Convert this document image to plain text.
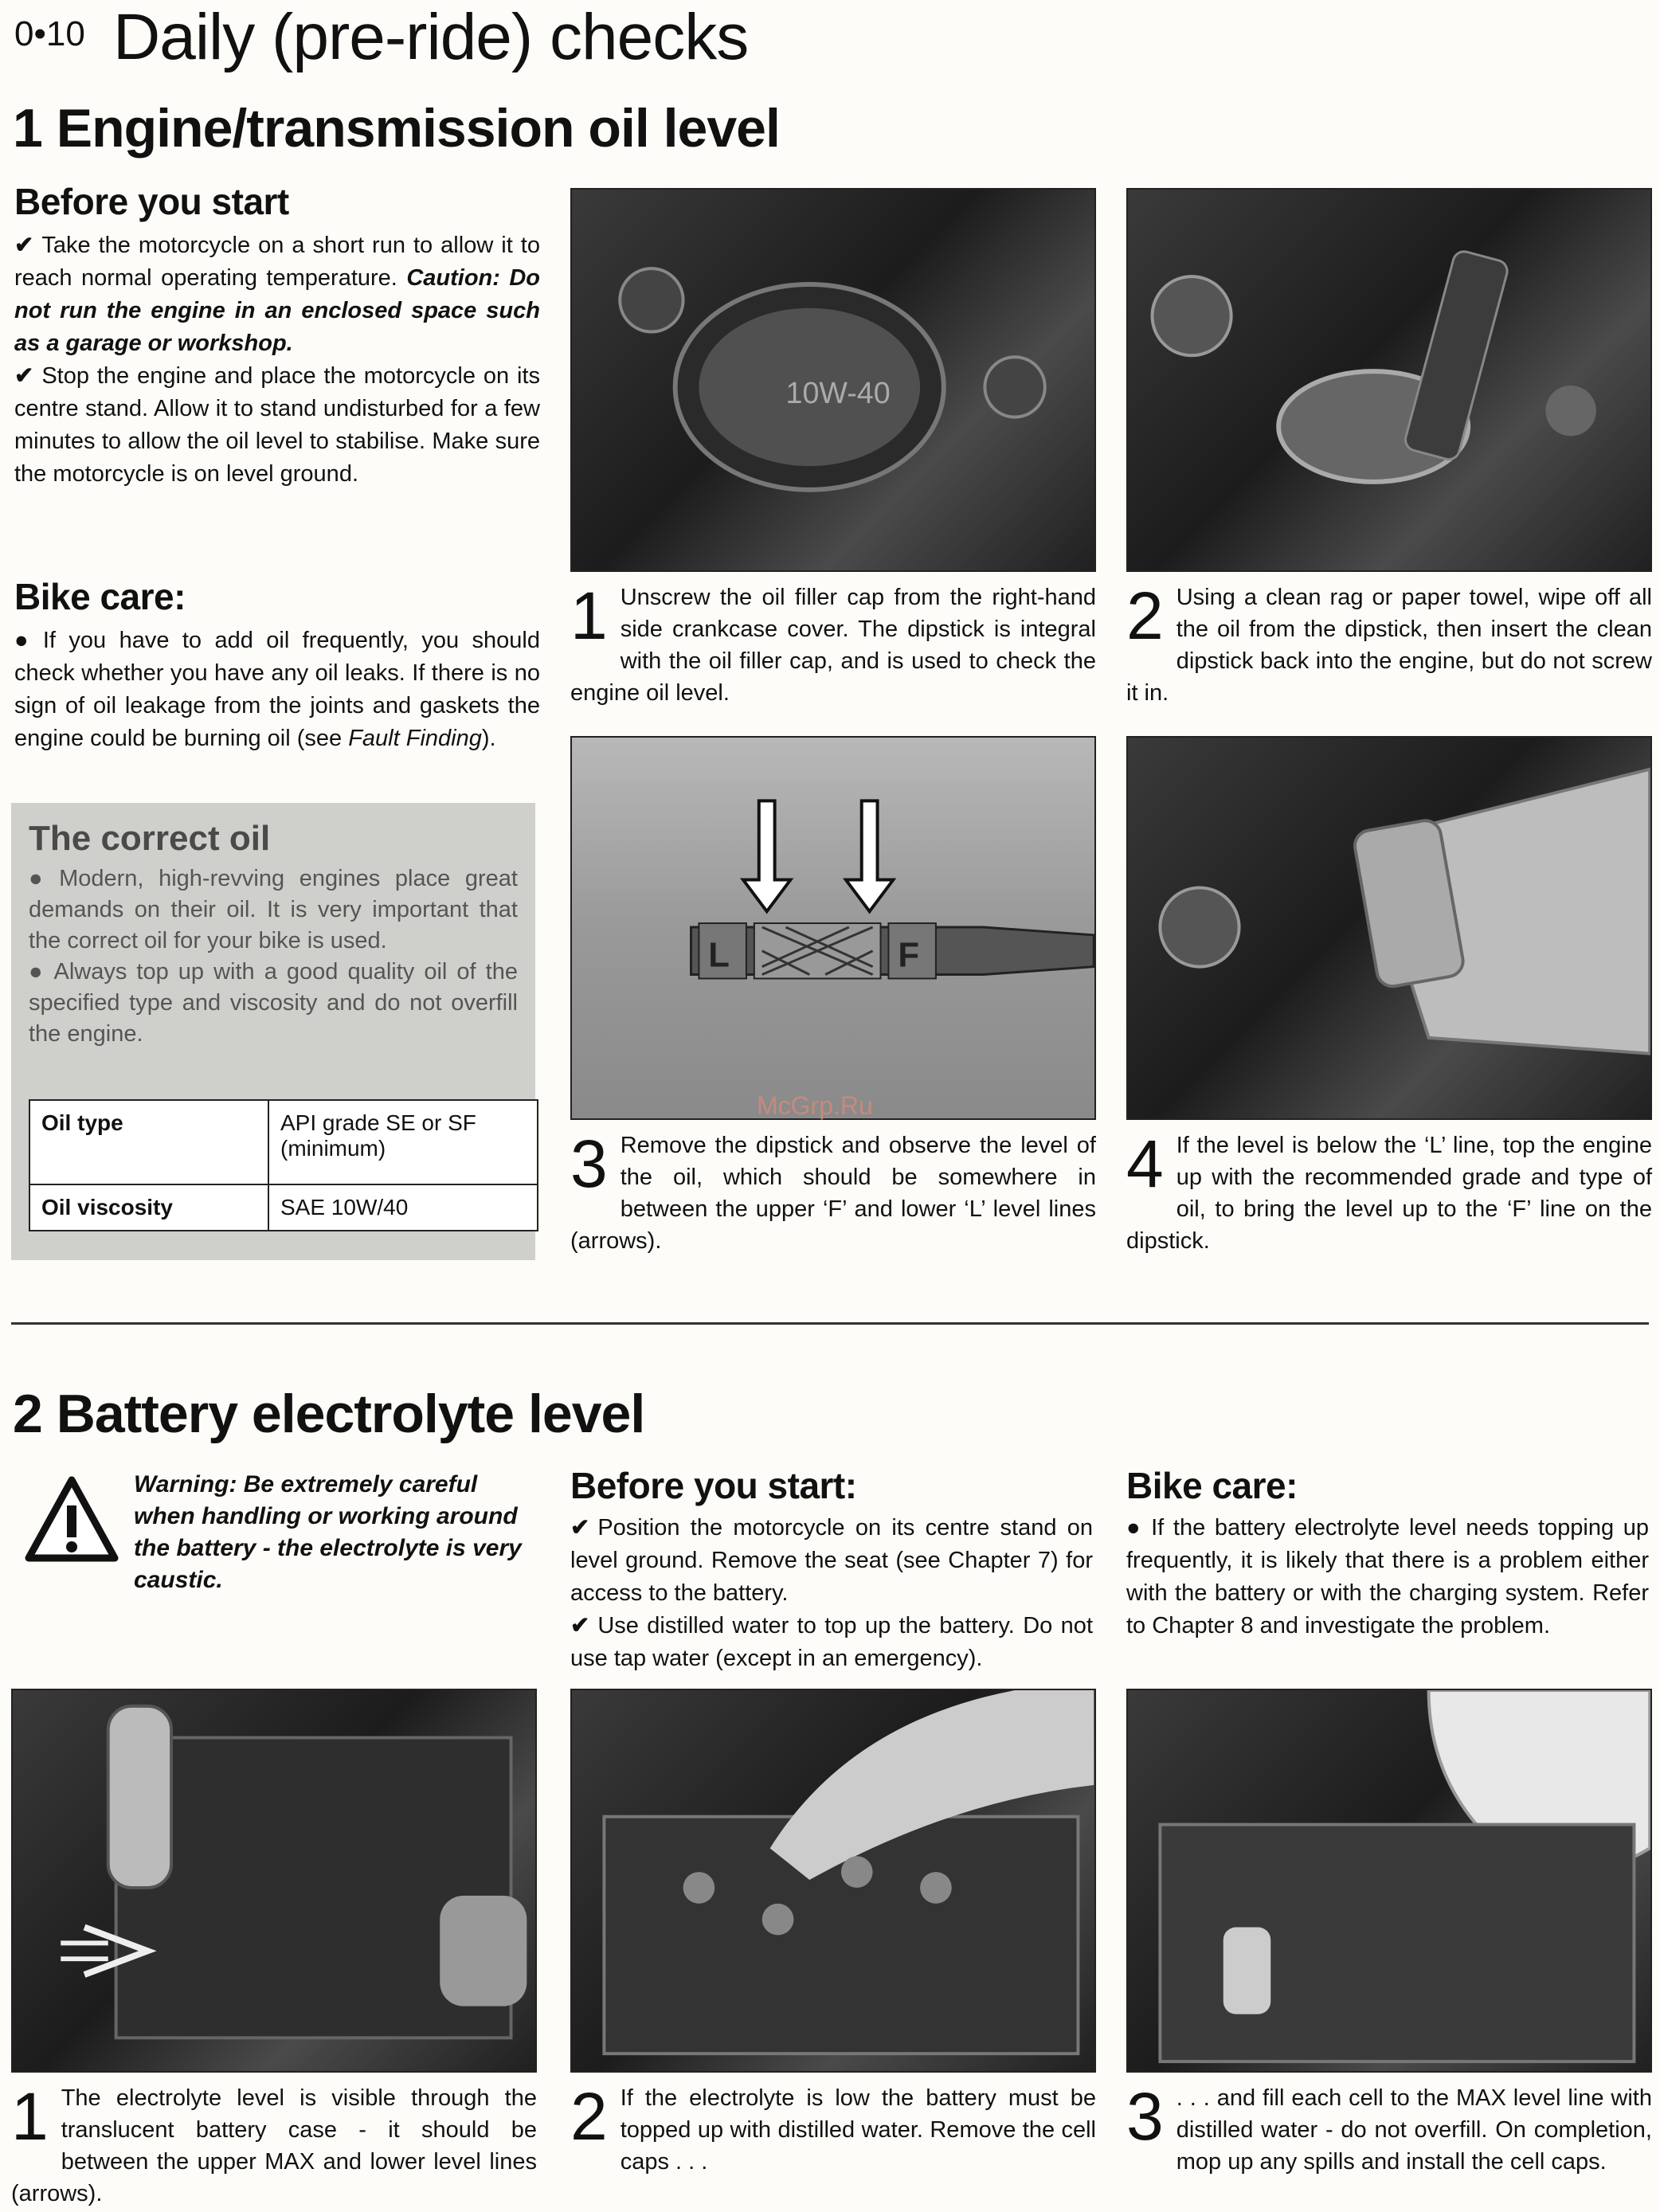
0•10 Daily (pre-ride) checks
1 Engine/transmission oil level
Before you start

✔ Take the motorcycle on a short run to allow it to reach normal operating temperature. Caution: Do not run the engine in an enclosed space such as a garage or workshop.

✔ Stop the engine and place the motorcycle on its centre stand. Allow it to stand undisturbed for a few minutes to allow the oil level to stabilise. Make sure the motorcycle is on level ground.

Bike care:

● If you have to add oil frequently, you should check whether you have any oil leaks. If there is no sign of oil leakage from the joints and gaskets the engine could be burning oil (see Fault Finding).

The correct oil

● Modern, high-revving engines place great demands on their oil. It is very important that the correct oil for your bike is used.

● Always top up with a good quality oil of the specified type and viscosity and do not overfill the engine.

Oil type	API grade SE or SF (minimum)
Oil viscosity	SAE 10W/40
10W-40
1 Unscrew the oil filler cap from the right-hand side crankcase cover. The dipstick is integral with the oil filler cap, and is used to check the engine oil level.
2 Using a clean rag or paper towel, wipe off all the oil from the dipstick, then insert the clean dipstick back into the engine, but do not screw it in.
L	F
McGrp.Ru
3 Remove the dipstick and observe the level of the oil, which should be somewhere in between the upper ‘F’ and lower ‘L’ level lines (arrows).
4 If the level is below the ‘L’ line, top the engine up with the recommended grade and type of oil, to bring the level up to the ‘F’ line on the dipstick.
2 Battery electrolyte level
Warning: Be extremely careful when handling or working around the battery - the electrolyte is very caustic.
Before you start:

✔ Position the motorcycle on its centre stand on level ground. Remove the seat (see Chapter 7) for access to the battery.

✔ Use distilled water to top up the battery. Do not use tap water (except in an emergency).

Bike care:

● If the battery electrolyte level needs topping up frequently, it is likely that there is a problem either with the battery or with the charging system. Refer to Chapter 8 and investigate the problem.

1 The electrolyte level is visible through the translucent battery case - it should be between the upper MAX and lower level lines (arrows).
2 If the electrolyte is low the battery must be topped up with distilled water. Remove the cell caps . . .
3 . . . and fill each cell to the MAX level line with distilled water - do not overfill. On completion, mop up any spills and install the cell caps.
